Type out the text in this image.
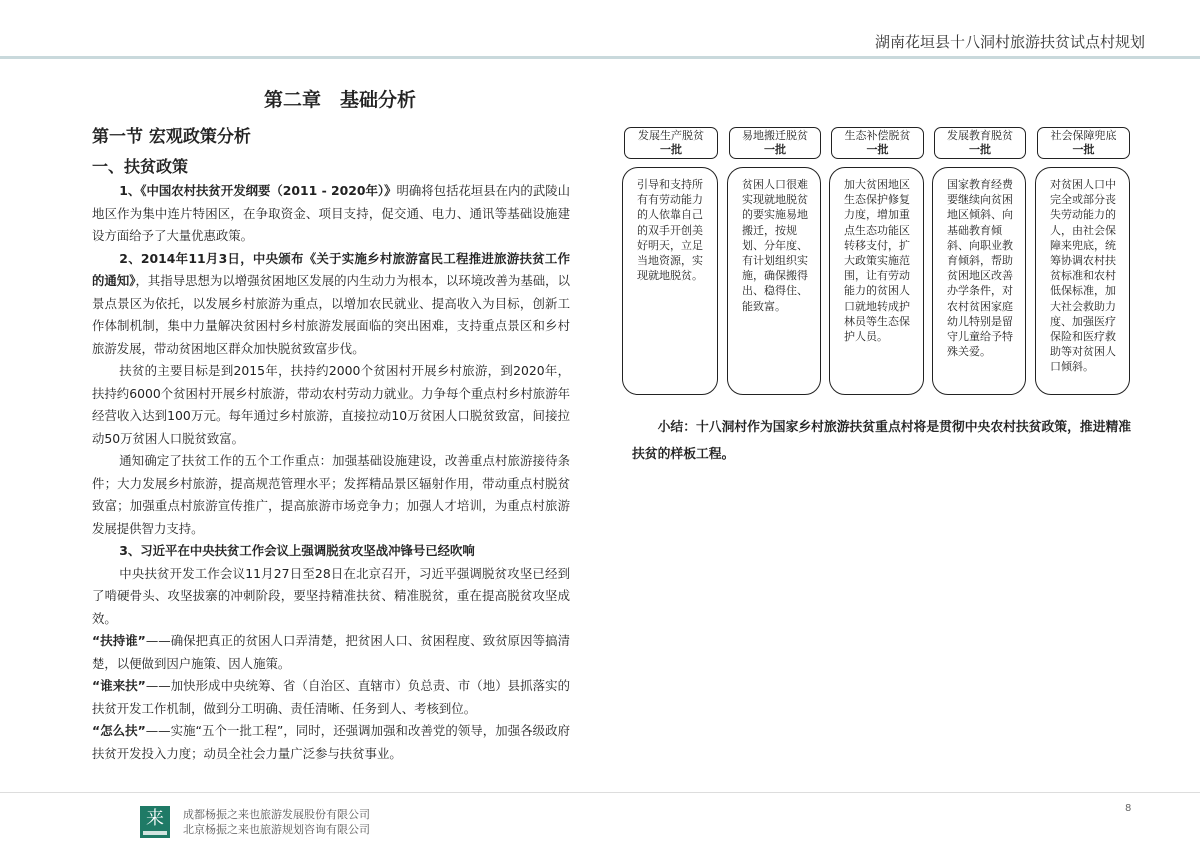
湖南花垣县十八洞村旅游扶贫试点村规划
第二章　基础分析
第一节 宏观政策分析
一、扶贫政策

1、《中国农村扶贫开发纲要（2011 - 2020年）》明确将包括花垣县在内的武陵山地区作为集中连片特困区，在争取资金、项目支持，促交通、电力、通讯等基础设施建设方面给予了大量优惠政策。

2、2014年11月3日，中央颁布《关于实施乡村旅游富民工程推进旅游扶贫工作的通知》，其指导思想为以增强贫困地区发展的内生动力为根本，以环境改善为基础，以景点景区为依托，以发展乡村旅游为重点，以增加农民就业、提高收入为目标，创新工作体制机制，集中力量解决贫困村乡村旅游发展面临的突出困难，支持重点景区和乡村旅游发展，带动贫困地区群众加快脱贫致富步伐。

扶贫的主要目标是到2015年，扶持约2000个贫困村开展乡村旅游，到2020年，扶持约6000个贫困村开展乡村旅游，带动农村劳动力就业。力争每个重点村乡村旅游年经营收入达到100万元。每年通过乡村旅游，直接拉动10万贫困人口脱贫致富，间接拉动50万贫困人口脱贫致富。

通知确定了扶贫工作的五个工作重点：加强基础设施建设，改善重点村旅游接待条件；大力发展乡村旅游，提高规范管理水平；发挥精品景区辐射作用，带动重点村脱贫致富；加强重点村旅游宣传推广，提高旅游市场竞争力；加强人才培训，为重点村旅游发展提供智力支持。

3、习近平在中央扶贫工作会议上强调脱贫攻坚战冲锋号已经吹响

中央扶贫开发工作会议11月27日至28日在北京召开，习近平强调脱贫攻坚已经到了啃硬骨头、攻坚拔寨的冲刺阶段，要坚持精准扶贫、精准脱贫，重在提高脱贫攻坚成效。

“扶持谁”——确保把真正的贫困人口弄清楚，把贫困人口、贫困程度、致贫原因等搞清楚，以便做到因户施策、因人施策。

“谁来扶”——加快形成中央统筹、省（自治区、直辖市）负总责、市（地）县抓落实的扶贫开发工作机制，做到分工明确、责任清晰、任务到人、考核到位。

“怎么扶”——实施“五个一批工程”，同时，还强调加强和改善党的领导，加强各级政府扶贫开发投入力度；动员全社会力量广泛参与扶贫事业。

发展生产脱贫
一批
引导和支持所有有劳动能力的人依靠自己的双手开创美好明天，立足当地资源，实现就地脱贫。
易地搬迁脱贫
一批
贫困人口很难实现就地脱贫的要实施易地搬迁，按规划、分年度、有计划组织实施，确保搬得出、稳得住、能致富。
生态补偿脱贫
一批
加大贫困地区生态保护修复力度，增加重点生态功能区转移支付，扩大政策实施范围，让有劳动能力的贫困人口就地转成护林员等生态保护人员。
发展教育脱贫
一批
国家教育经费要继续向贫困地区倾斜、向基础教育倾斜、向职业教育倾斜，帮助贫困地区改善办学条件，对农村贫困家庭幼儿特别是留守儿童给予特殊关爱。
社会保障兜底
一批
对贫困人口中完全或部分丧失劳动能力的人，由社会保障来兜底，统筹协调农村扶贫标准和农村低保标准，加大社会救助力度、加强医疗保险和医疗救助等对贫困人口倾斜。
小结：十八洞村作为国家乡村旅游扶贫重点村将是贯彻中央农村扶贫政策，推进精准扶贫的样板工程。
来	成都杨振之来也旅游发展股份有限公司
北京杨振之来也旅游规划咨询有限公司
8
